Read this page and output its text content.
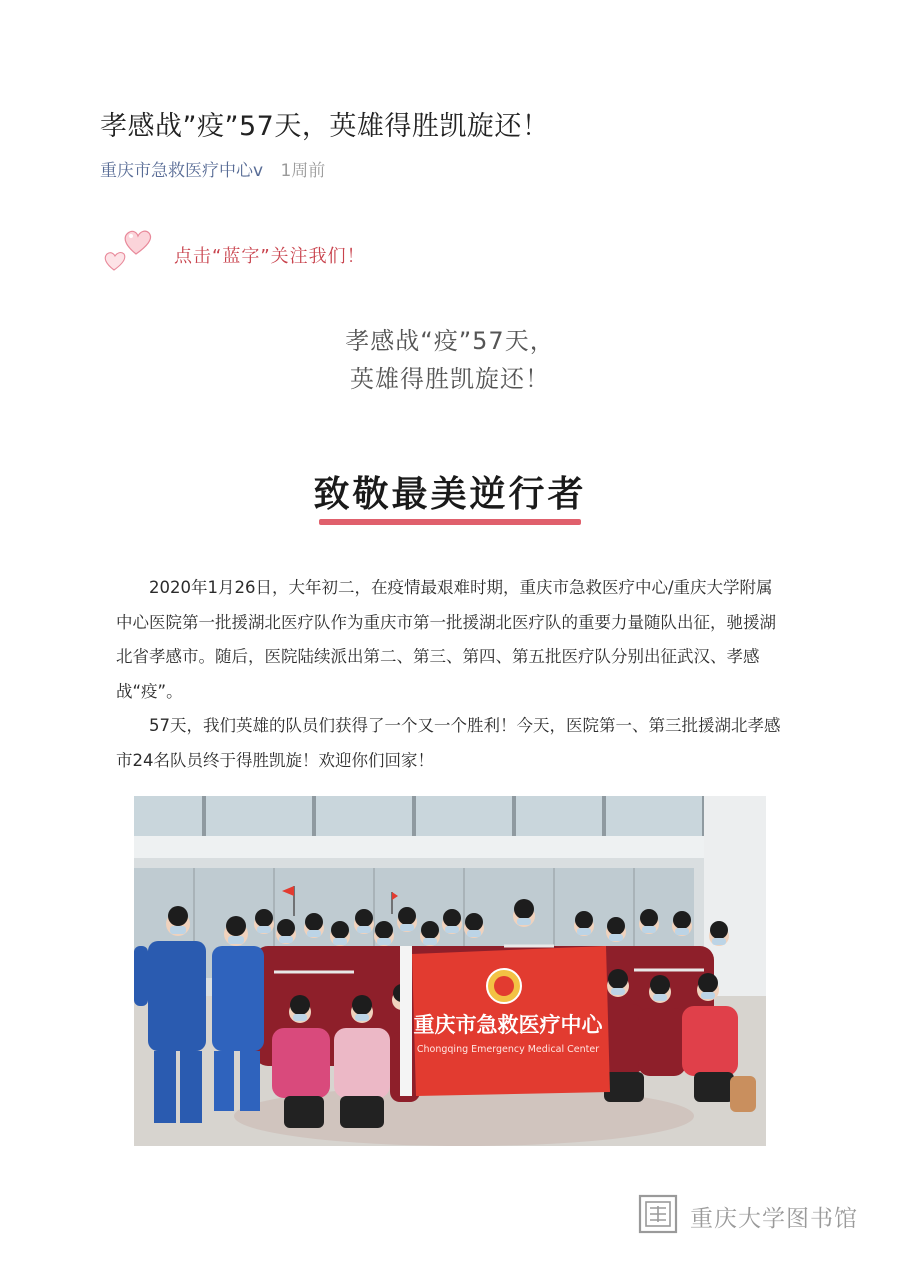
孝感战”疫”57天，英雄得胜凯旋还！
重庆市急救医疗中心v 1周前
点击“蓝字”关注我们！
孝感战“疫”57天，
英雄得胜凯旋还！
致敬最美逆行者

2020年1月26日，大年初二，在疫情最艰难时期，重庆市急救医疗中心/重庆大学附属中心医院第一批援湖北医疗队作为重庆市第一批援湖北医疗队的重要力量随队出征，驰援湖北省孝感市。随后，医院陆续派出第二、第三、第四、第五批医疗队分别出征武汉、孝感战“疫”。

57天，我们英雄的队员们获得了一个又一个胜利！今天，医院第一、第三批援湖北孝感市24名队员终于得胜凯旋！欢迎你们回家！

重庆市急救医疗中心
Chongqing Emergency Medical Center
重庆大学图书馆
